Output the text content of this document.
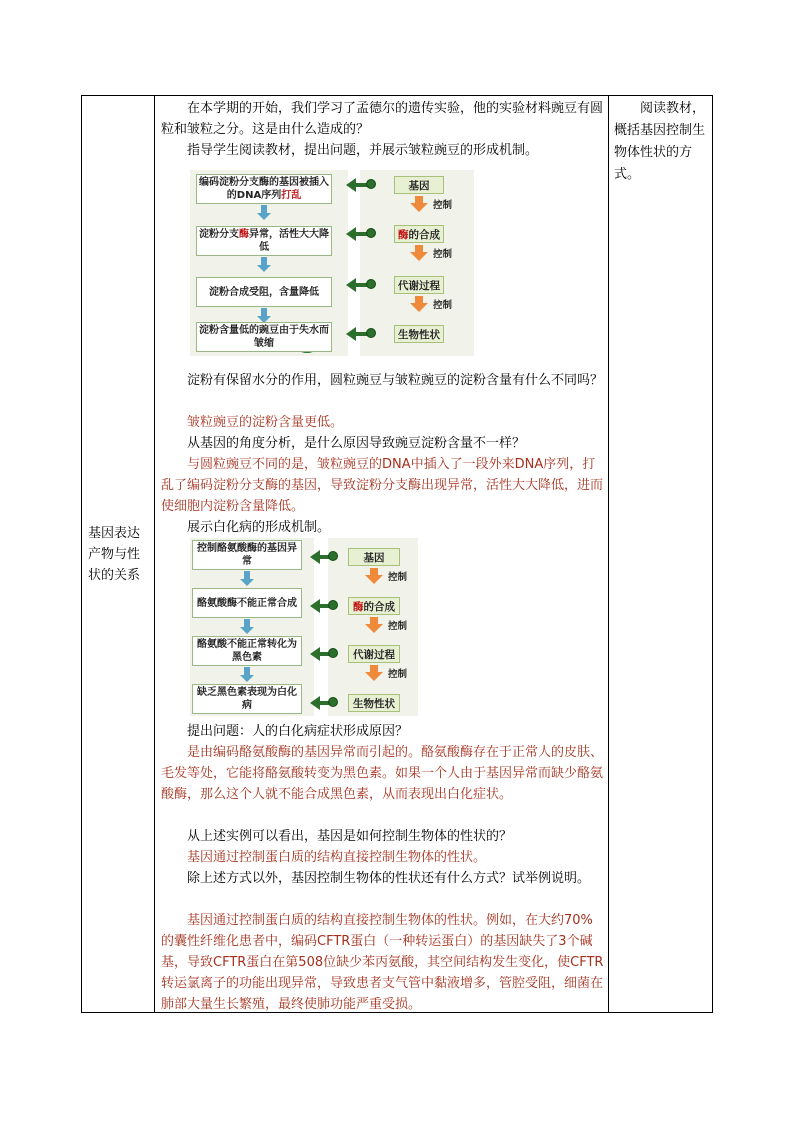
基因表达产物与性状的关系
阅读教材，概括基因控制生物体性状的方式。

在本学期的开始，我们学习了孟德尔的遗传实验，他的实验材料豌豆有圆粒和皱粒之分。这是由什么造成的？

指导学生阅读教材，提出问题，并展示皱粒豌豆的形成机制。

淀粉有保留水分的作用，圆粒豌豆与皱粒豌豆的淀粉含量有什么不同吗？

皱粒豌豆的淀粉含量更低。

从基因的角度分析，是什么原因导致豌豆淀粉含量不一样？

与圆粒豌豆不同的是，皱粒豌豆的DNA中插入了一段外来DNA序列，打乱了编码淀粉分支酶的基因，导致淀粉分支酶出现异常，活性大大降低，进而使细胞内淀粉含量降低。

展示白化病的形成机制。

提出问题：人的白化病症状形成原因？

是由编码酪氨酸酶的基因异常而引起的。酪氨酸酶存在于正常人的皮肤、毛发等处，它能将酪氨酸转变为黑色素。如果一个人由于基因异常而缺少酪氨酸酶，那么这个人就不能合成黑色素，从而表现出白化症状。

从上述实例可以看出，基因是如何控制生物体的性状的？

基因通过控制蛋白质的结构直接控制生物体的性状。

除上述方式以外，基因控制生物体的性状还有什么方式？试举例说明。

基因通过控制蛋白质的结构直接控制生物体的性状。例如，在大约70%的囊性纤维化患者中，编码CFTR蛋白（一种转运蛋白）的基因缺失了3个碱基，导致CFTR蛋白在第508位缺少苯丙氨酸，其空间结构发生变化，使CFTR转运氯离子的功能出现异常，导致患者支气管中黏液增多，管腔受阻，细菌在肺部大量生长繁殖，最终使肺功能严重受损。

编码淀粉分支酶的基因被插入的DNA序列打乱
淀粉分支酶异常，活性大大降低
淀粉合成受阻，含量降低
淀粉含量低的豌豆由于失水而皱缩
基因
控制
酶的合成
控制
代谢过程
控制
生物性状
控制酪氨酸酶的基因异常
酪氨酸酶不能正常合成
酪氨酸不能正常转化为黑色素
缺乏黑色素表现为白化病
基因
控制
酶的合成
控制
代谢过程
控制
生物性状
